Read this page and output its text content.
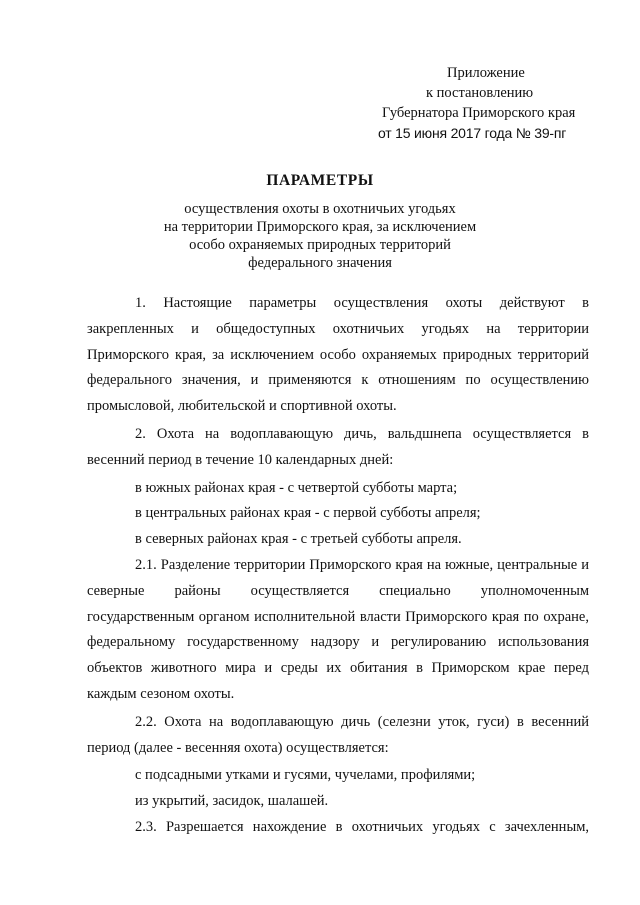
Приложение
к постановлению
Губернатора Приморского края
от 15 июня 2017 года № 39-пг
ПАРАМЕТРЫ
осуществления охоты в охотничьих угодьях
на территории Приморского края, за исключением
особо охраняемых природных территорий
федерального значения

1. Настоящие параметры осуществления охоты действуют в закрепленных и общедоступных охотничьих угодьях на территории Приморского края, за исключением особо охраняемых природных территорий федерального значения, и применяются к отношениям по осуществлению промысловой, любительской и спортивной охоты.

2. Охота на водоплавающую дичь, вальдшнепа осуществляется в весенний период в течение 10 календарных дней:

в южных районах края - с четвертой субботы марта;

в центральных районах края - с первой субботы апреля;

в северных районах края - с третьей субботы апреля.

2.1. Разделение территории Приморского края на южные, центральные и северные районы осуществляется специально уполномоченным государственным органом исполнительной власти Приморского края по охране, федеральному государственному надзору и регулированию использования объектов животного мира и среды их обитания в Приморском крае перед каждым сезоном охоты.

2.2. Охота на водоплавающую дичь (селезни уток, гуси) в весенний период (далее - весенняя охота) осуществляется:

с подсадными утками и гусями, чучелами, профилями;

из укрытий, засидок, шалашей.

2.3. Разрешается нахождение в охотничьих угодьях с зачехленным,
